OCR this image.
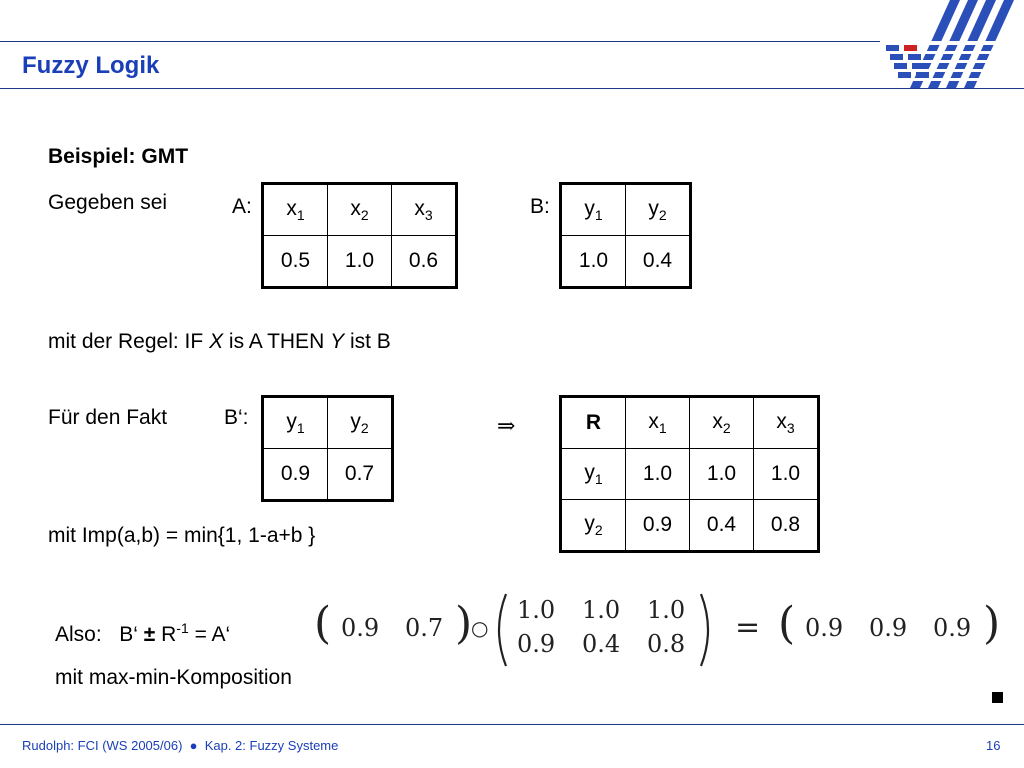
Fuzzy Logik
Beispiel: GMT
Gegeben sei	A: $x_1$	$x_2$	$x_3$
0.5	1.0	0.6
B: $y_1$	$y_2$
1.0	0.4
mit der Regel: IF X is A THEN Y ist B
Für den Fakt	B‘: $y_1$	$y_2$
0.9	0.7
⇒	R	$x_1$	$x_2$	$x_3$
$y_1$	1.0	1.0	1.0
$y_2$	0.9	0.4	0.8
mit Imp(a,b) = min{1, 1-a+b }
Also: B‘ ± $R^{-1}$ = A‘
mit max-min-Komposition
( 0.9 0.7 )
○
1.0 1.0 1.0
0.9 0.4 0.8 = ( 0.9 0.9 0.9 )
Rudolph: FCI (WS 2005/06)  ●  Kap. 2: Fuzzy Systeme	16
